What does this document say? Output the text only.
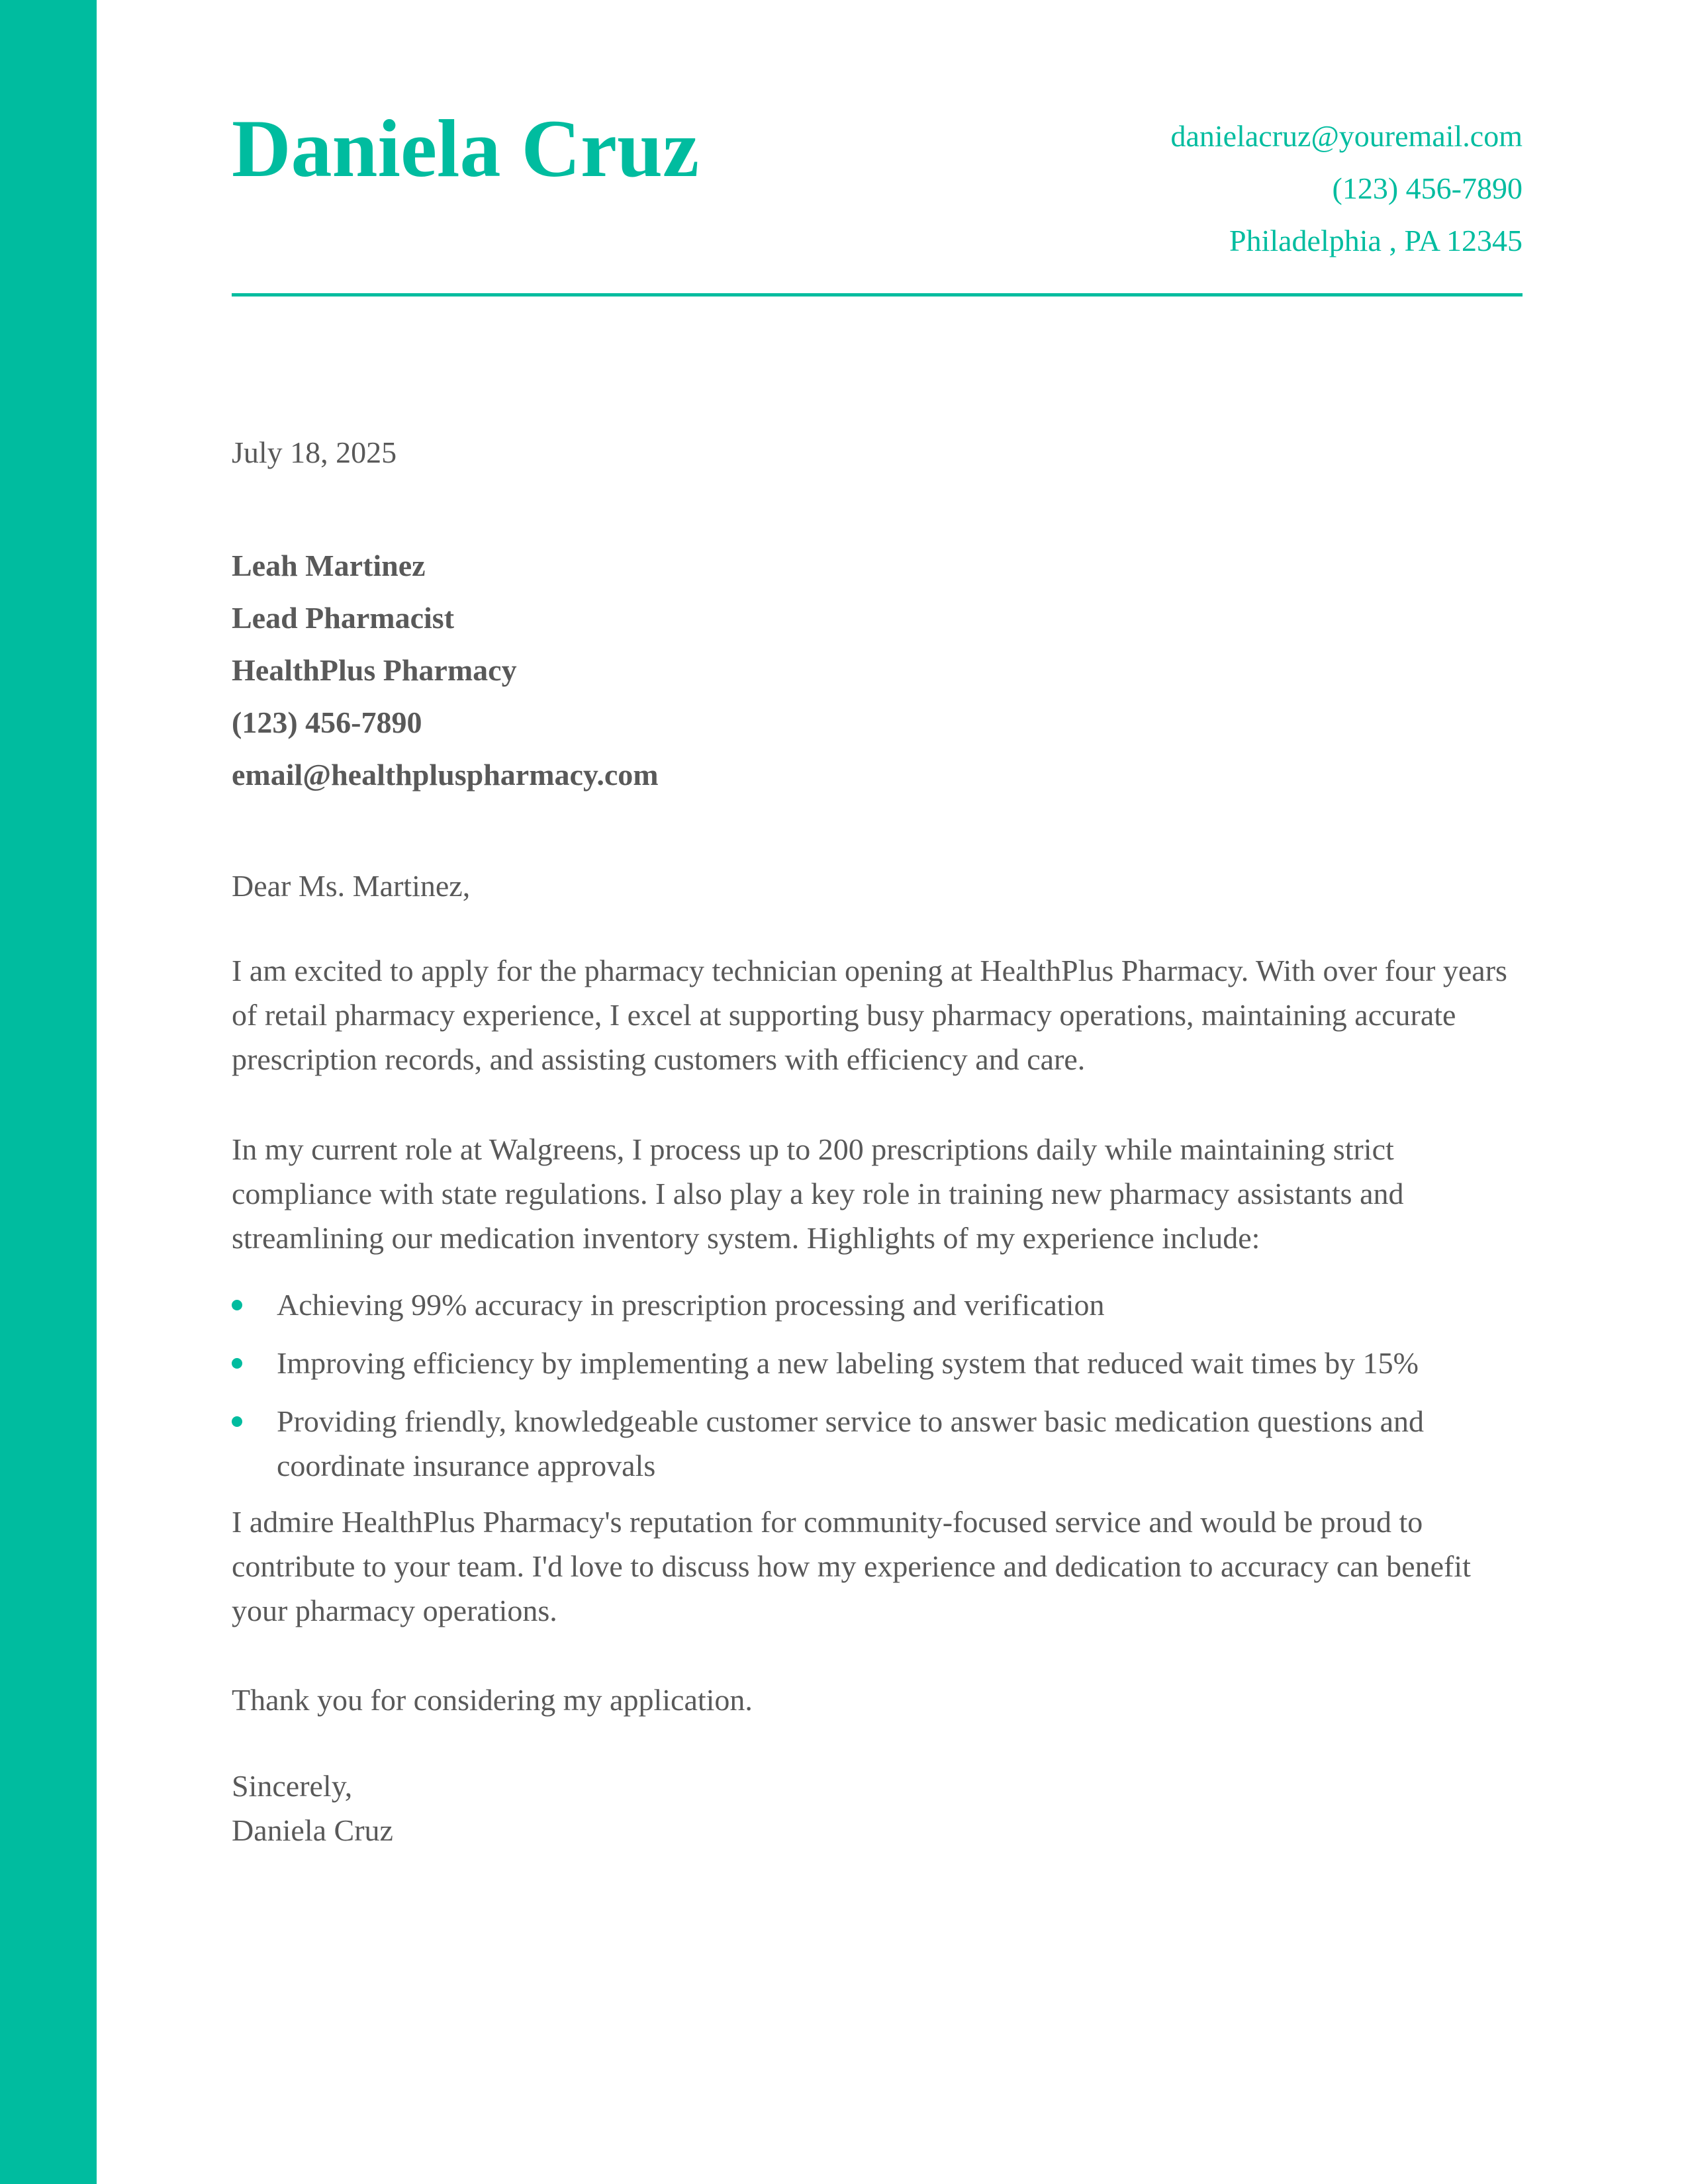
Daniela Cruz	danielacruz@youremail.com
(123) 456-7890
Philadelphia , PA 12345
July 18, 2025
Leah Martinez
Lead Pharmacist
HealthPlus Pharmacy
(123) 456-7890
email@healthpluspharmacy.com
Dear Ms. Martinez,
I am excited to apply for the pharmacy technician opening at HealthPlus Pharmacy. With over four years of retail pharmacy experience, I excel at supporting busy pharmacy operations, maintaining accurate prescription records, and assisting customers with efficiency and care.
In my current role at Walgreens, I process up to 200 prescriptions daily while maintaining strict compliance with state regulations. I also play a key role in training new pharmacy assistants and streamlining our medication inventory system. Highlights of my experience include:
Achieving 99% accuracy in prescription processing and verification
Improving efficiency by implementing a new labeling system that reduced wait times by 15%
Providing friendly, knowledgeable customer service to answer basic medication questions and coordinate insurance approvals
I admire HealthPlus Pharmacy's reputation for community-focused service and would be proud to contribute to your team. I'd love to discuss how my experience and dedication to accuracy can benefit your pharmacy operations.
Thank you for considering my application.
Sincerely,
Daniela Cruz
